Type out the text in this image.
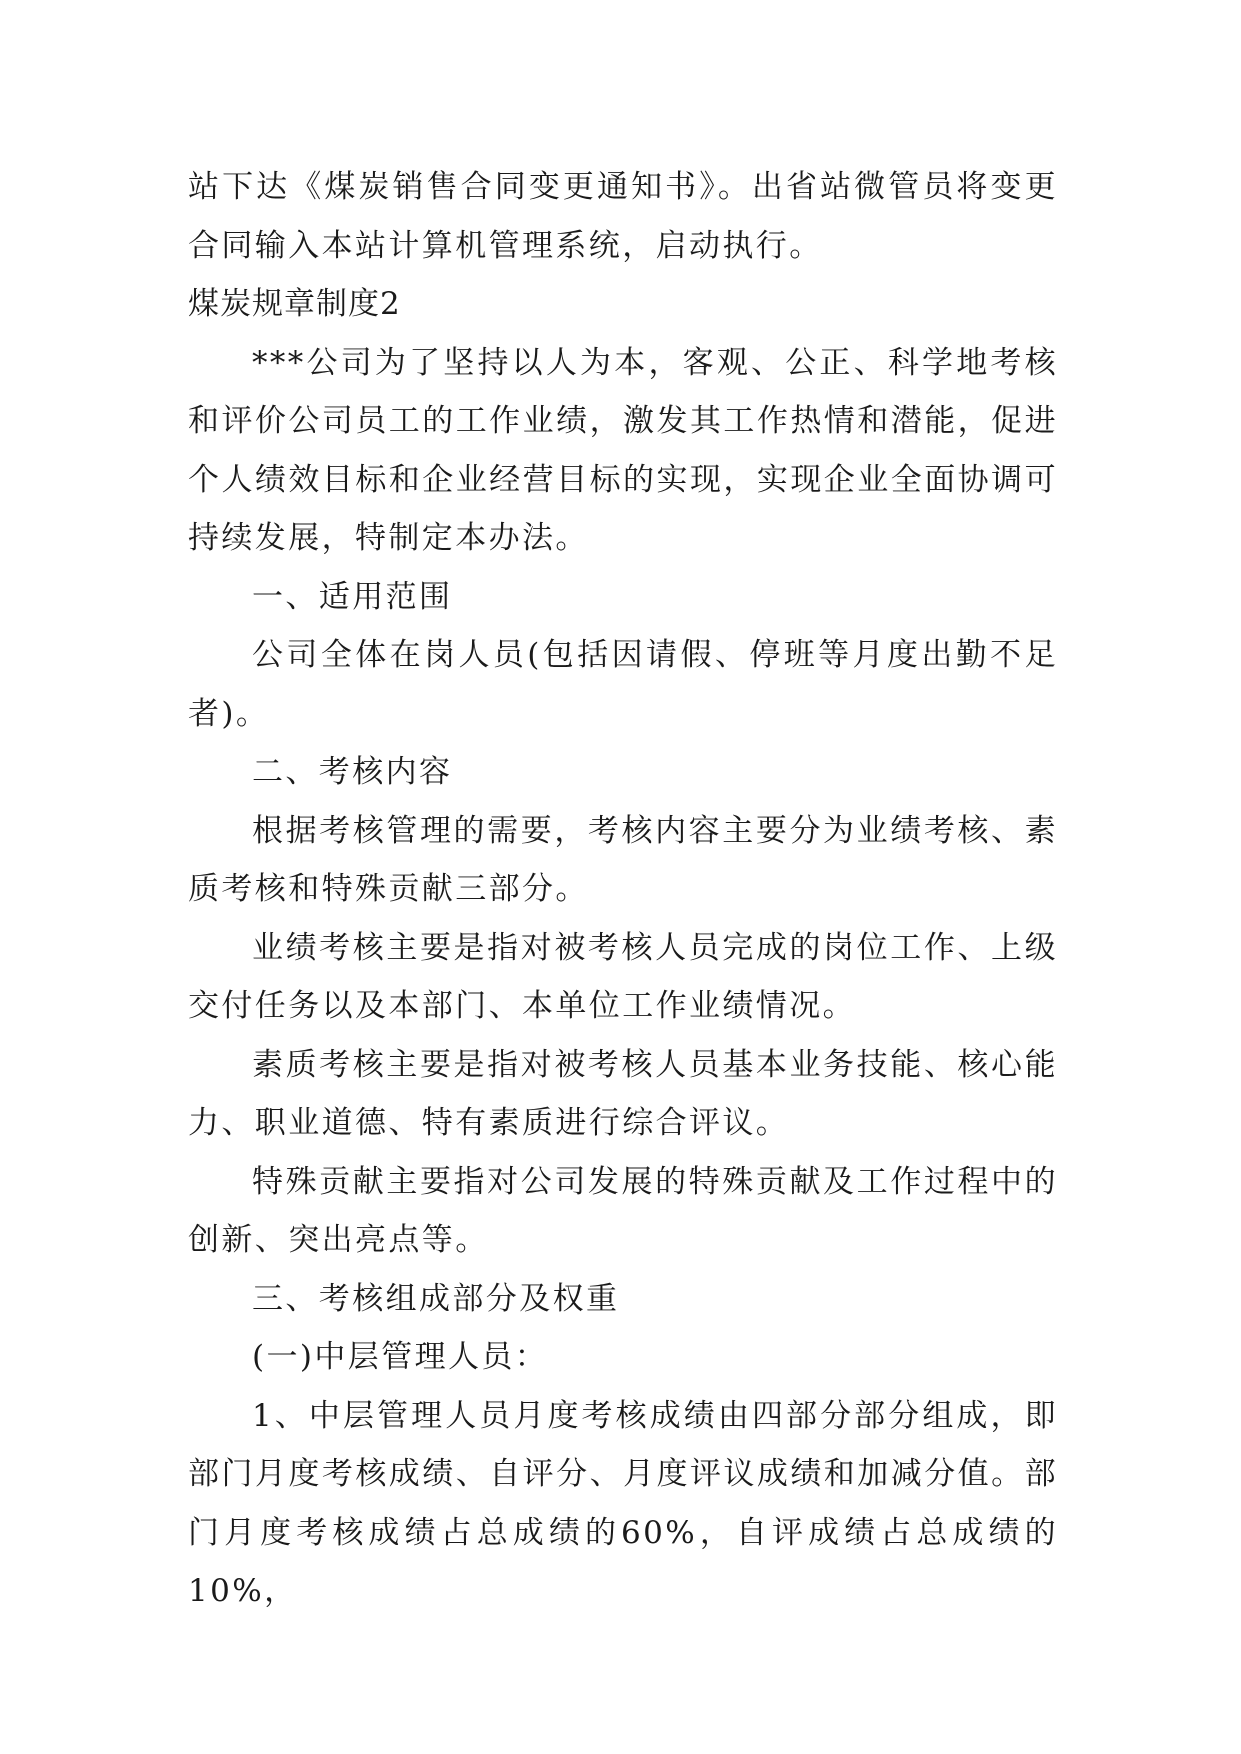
站下达《煤炭销售合同变更通知书》。出省站微管员将变更合同输入本站计算机管理系统，启动执行。

煤炭规章制度2

***公司为了坚持以人为本，客观、公正、科学地考核和评价公司员工的工作业绩，激发其工作热情和潜能，促进个人绩效目标和企业经营目标的实现，实现企业全面协调可持续发展，特制定本办法。

一、适用范围

公司全体在岗人员(包括因请假、停班等月度出勤不足者)。

二、考核内容

根据考核管理的需要，考核内容主要分为业绩考核、素质考核和特殊贡献三部分。

业绩考核主要是指对被考核人员完成的岗位工作、上级交付任务以及本部门、本单位工作业绩情况。

素质考核主要是指对被考核人员基本业务技能、核心能力、职业道德、特有素质进行综合评议。

特殊贡献主要指对公司发展的特殊贡献及工作过程中的创新、突出亮点等。

三、考核组成部分及权重

(一)中层管理人员：

1、中层管理人员月度考核成绩由四部分部分组成，即部门月度考核成绩、自评分、月度评议成绩和加减分值。部门月度考核成绩占总成绩的60%，自评成绩占总成绩的10%，
